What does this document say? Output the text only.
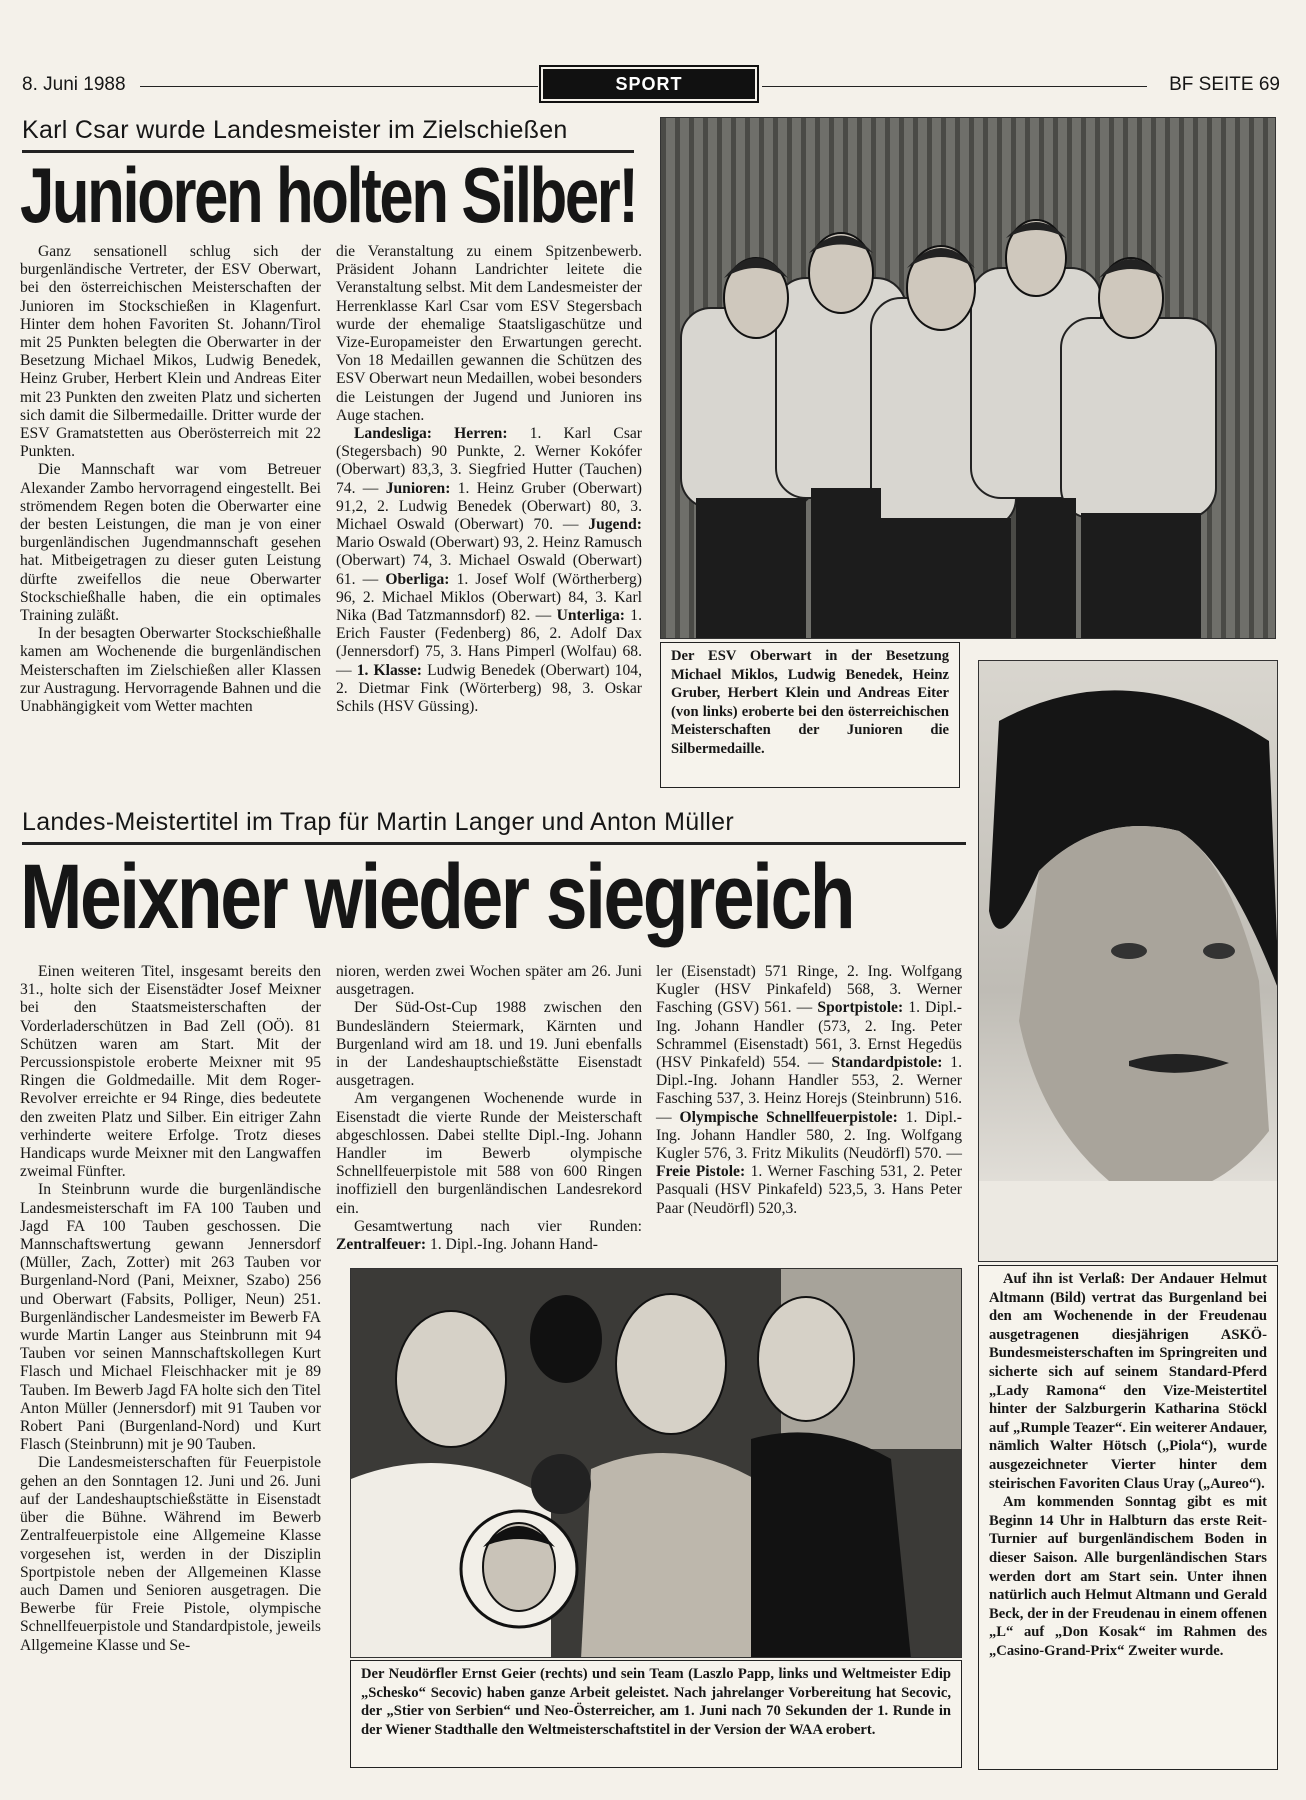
8. Juni 1988	SPORT	BF SEITE 69
Karl Csar wurde Landesmeister im Zielschießen
Junioren holten Silber!

Ganz sensationell schlug sich der burgenländische Vertreter, der ESV Oberwart, bei den österreichischen Meisterschaften der Junioren im Stockschießen in Klagenfurt. Hinter dem hohen Favoriten St. Johann/Tirol mit 25 Punkten belegten die Oberwarter in der Besetzung Michael Mikos, Ludwig Benedek, Heinz Gruber, Herbert Klein und Andreas Eiter mit 23 Punkten den zweiten Platz und sicherten sich damit die Silbermedaille. Dritter wurde der ESV Gramatstetten aus Oberösterreich mit 22 Punkten.

Die Mannschaft war vom Betreuer Alexander Zambo hervorragend eingestellt. Bei strömendem Regen boten die Oberwarter eine der besten Leistungen, die man je von einer burgenländischen Jugendmannschaft gesehen hat. Mitbeigetragen zu dieser guten Leistung dürfte zweifellos die neue Oberwarter Stockschießhalle haben, die ein optimales Training zuläßt.

In der besagten Oberwarter Stockschießhalle kamen am Wochenende die burgenländischen Meisterschaften im Zielschießen aller Klassen zur Austragung. Hervorragende Bahnen und die Unabhängigkeit vom Wetter machten

die Veranstaltung zu einem Spitzenbewerb. Präsident Johann Landrichter leitete die Veranstaltung selbst. Mit dem Landesmeister der Herrenklasse Karl Csar vom ESV Stegersbach wurde der ehemalige Staatsligaschütze und Vize-Europameister den Erwartungen gerecht. Von 18 Medaillen gewannen die Schützen des ESV Oberwart neun Medaillen, wobei besonders die Leistungen der Jugend und Junioren ins Auge stachen.

Landesliga: Herren: 1. Karl Csar (Stegersbach) 90 Punkte, 2. Werner Kokófer (Oberwart) 83,3, 3. Siegfried Hutter (Tauchen) 74. — Junioren: 1. Heinz Gruber (Oberwart) 91,2, 2. Ludwig Benedek (Oberwart) 80, 3. Michael Oswald (Oberwart) 70. — Jugend: Mario Oswald (Oberwart) 93, 2. Heinz Ramusch (Oberwart) 74, 3. Michael Oswald (Oberwart) 61. — Oberliga: 1. Josef Wolf (Wörtherberg) 96, 2. Michael Miklos (Oberwart) 84, 3. Karl Nika (Bad Tatzmannsdorf) 82. — Unterliga: 1. Erich Fauster (Fedenberg) 86, 2. Adolf Dax (Jennersdorf) 75, 3. Hans Pimperl (Wolfau) 68. — 1. Klasse: Ludwig Benedek (Oberwart) 104, 2. Dietmar Fink (Wörterberg) 98, 3. Oskar Schils (HSV Güssing).

Der ESV Oberwart in der Besetzung Michael Miklos, Ludwig Benedek, Heinz Gruber, Herbert Klein und Andreas Eiter (von links) eroberte bei den österreichischen Meisterschaften der Junioren die Silbermedaille.

Auf ihn ist Verlaß: Der Andauer Helmut Altmann (Bild) vertrat das Burgenland bei den am Wochenende in der Freudenau ausgetragenen diesjährigen ASKÖ-Bundesmeisterschaften im Springreiten und sicherte sich auf seinem Standard-Pferd „Lady Ramona“ den Vize-Meistertitel hinter der Salzburgerin Katharina Stöckl auf „Rumple Teazer“. Ein weiterer Andauer, nämlich Walter Hötsch („Piola“), wurde ausgezeichneter Vierter hinter dem steirischen Favoriten Claus Uray („Aureo“).

Am kommenden Sonntag gibt es mit Beginn 14 Uhr in Halbturn das erste Reit-Turnier auf burgenländischem Boden in dieser Saison. Alle burgenländischen Stars werden dort am Start sein. Unter ihnen natürlich auch Helmut Altmann und Gerald Beck, der in der Freudenau in einem offenen „L“ auf „Don Kosak“ im Rahmen des „Casino-Grand-Prix“ Zweiter wurde.

Landes-Meistertitel im Trap für Martin Langer und Anton Müller
Meixner wieder siegreich

Einen weiteren Titel, insgesamt bereits den 31., holte sich der Eisenstädter Josef Meixner bei den Staatsmeisterschaften der Vorderladerschützen in Bad Zell (OÖ). 81 Schützen waren am Start. Mit der Percussionspistole eroberte Meixner mit 95 Ringen die Goldmedaille. Mit dem Roger-Revolver erreichte er 94 Ringe, dies bedeutete den zweiten Platz und Silber. Ein eitriger Zahn verhinderte weitere Erfolge. Trotz dieses Handicaps wurde Meixner mit den Langwaffen zweimal Fünfter.

In Steinbrunn wurde die burgenländische Landesmeisterschaft im FA 100 Tauben und Jagd FA 100 Tauben geschossen. Die Mannschaftswertung gewann Jennersdorf (Müller, Zach, Zotter) mit 263 Tauben vor Burgenland-Nord (Pani, Meixner, Szabo) 256 und Oberwart (Fabsits, Polliger, Neun) 251. Burgenländischer Landesmeister im Bewerb FA wurde Martin Langer aus Steinbrunn mit 94 Tauben vor seinen Mannschaftskollegen Kurt Flasch und Michael Fleischhacker mit je 89 Tauben. Im Bewerb Jagd FA holte sich den Titel Anton Müller (Jennersdorf) mit 91 Tauben vor Robert Pani (Burgenland-Nord) und Kurt Flasch (Steinbrunn) mit je 90 Tauben.

Die Landesmeisterschaften für Feuerpistole gehen an den Sonntagen 12. Juni und 26. Juni auf der Landeshauptschießstätte in Eisenstadt über die Bühne. Während im Bewerb Zentralfeuerpistole eine Allgemeine Klasse vorgesehen ist, werden in der Disziplin Sportpistole neben der Allgemeinen Klasse auch Damen und Senioren ausgetragen. Die Bewerbe für Freie Pistole, olympische Schnellfeuerpistole und Standardpistole, jeweils Allgemeine Klasse und Se-

nioren, werden zwei Wochen später am 26. Juni ausgetragen.

Der Süd-Ost-Cup 1988 zwischen den Bundesländern Steiermark, Kärnten und Burgenland wird am 18. und 19. Juni ebenfalls in der Landeshauptschießstätte Eisenstadt ausgetragen.

Am vergangenen Wochenende wurde in Eisenstadt die vierte Runde der Meisterschaft abgeschlossen. Dabei stellte Dipl.-Ing. Johann Handler im Bewerb olympische Schnellfeuerpistole mit 588 von 600 Ringen inoffiziell den burgenländischen Landesrekord ein.

Gesamtwertung nach vier Runden: Zentralfeuer: 1. Dipl.-Ing. Johann Hand-

ler (Eisenstadt) 571 Ringe, 2. Ing. Wolfgang Kugler (HSV Pinkafeld) 568, 3. Werner Fasching (GSV) 561. — Sportpistole: 1. Dipl.-Ing. Johann Handler (573, 2. Ing. Peter Schrammel (Eisenstadt) 561, 3. Ernst Hegedüs (HSV Pinkafeld) 554. — Standardpistole: 1. Dipl.-Ing. Johann Handler 553, 2. Werner Fasching 537, 3. Heinz Horejs (Steinbrunn) 516. — Olympische Schnellfeuerpistole: 1. Dipl.-Ing. Johann Handler 580, 2. Ing. Wolfgang Kugler 576, 3. Fritz Mikulits (Neudörfl) 570. — Freie Pistole: 1. Werner Fasching 531, 2. Peter Pasquali (HSV Pinkafeld) 523,5, 3. Hans Peter Paar (Neudörfl) 520,3.

Der Neudörfler Ernst Geier (rechts) und sein Team (Laszlo Papp, links und Weltmeister Edip „Schesko“ Secovic) haben ganze Arbeit geleistet. Nach jahrelanger Vorbereitung hat Secovic, der „Stier von Serbien“ und Neo-Österreicher, am 1. Juni nach 70 Sekunden der 1. Runde in der Wiener Stadthalle den Weltmeisterschaftstitel in der Version der WAA erobert.
